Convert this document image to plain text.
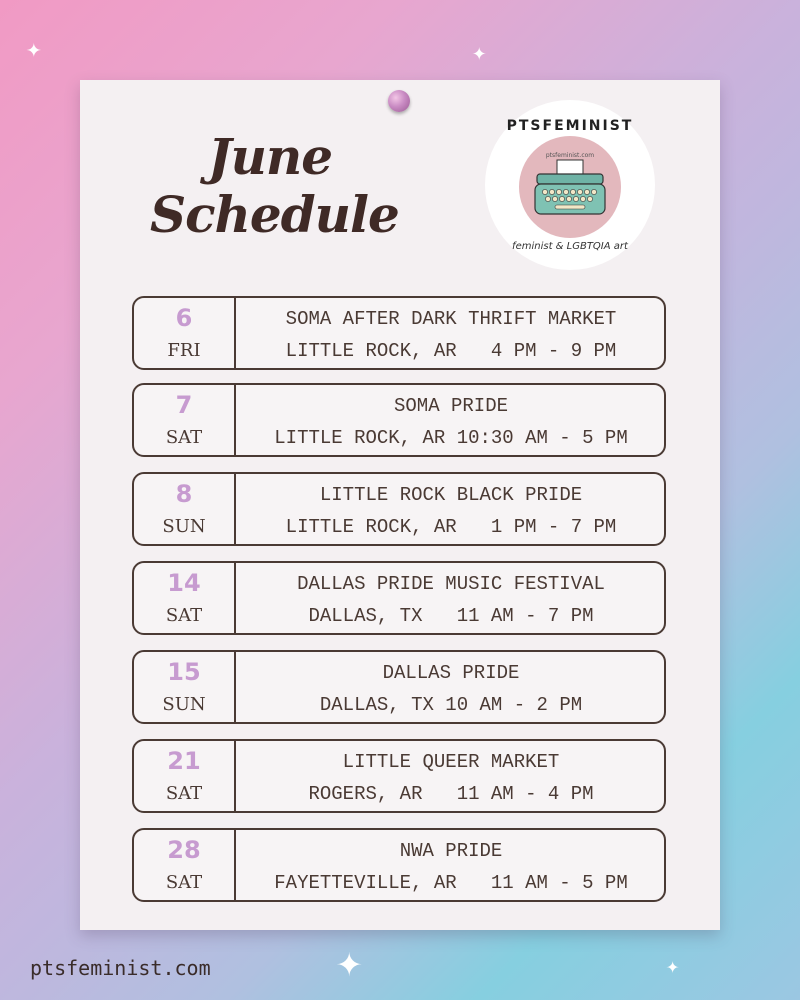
✦	✦
✦	✦
June
Schedule
PTSFEMINIST
ptsfeminist.com
feminist & LGBTQIA art
6
FRI
SOMA AFTER DARK THRIFT MARKET
LITTLE ROCK, AR   4 PM - 9 PM
7
SAT
SOMA PRIDE
LITTLE ROCK, AR 10:30 AM - 5 PM
8
SUN
LITTLE ROCK BLACK PRIDE
LITTLE ROCK, AR   1 PM - 7 PM
14
SAT
DALLAS PRIDE MUSIC FESTIVAL
DALLAS, TX   11 AM - 7 PM
15
SUN
DALLAS PRIDE
DALLAS, TX 10 AM - 2 PM
21
SAT
LITTLE QUEER MARKET
ROGERS, AR   11 AM - 4 PM
28
SAT
NWA PRIDE
FAYETTEVILLE, AR   11 AM - 5 PM
ptsfeminist.com
